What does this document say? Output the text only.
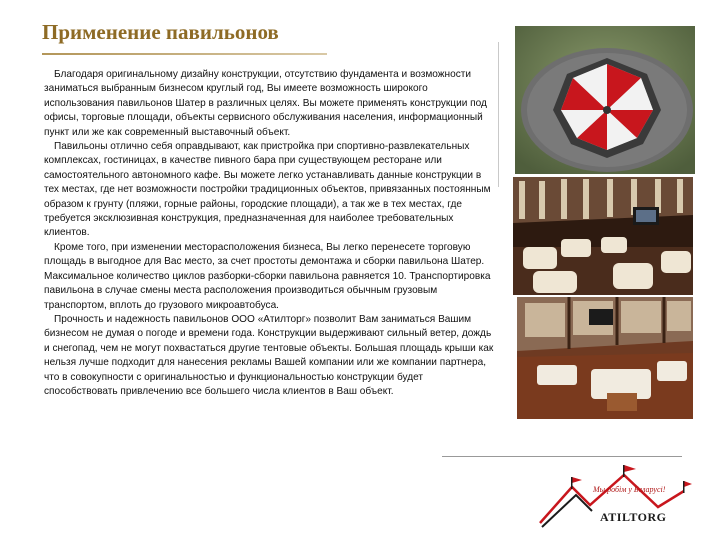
Применение павильонов

Благодаря оригинальному дизайну конструкции, отсутствию фундамента и возможности заниматься выбранным бизнесом круглый год, Вы имеете возможность широкого использования павильонов Шатер в различных целях. Вы можете применять конструкции под офисы, торговые площади, объекты сервисного обслуживания населения, информационный пункт или же как современный выставочный объект.

Павильоны отлично себя оправдывают, как пристройка при спортивно-развлекательных комплексах, гостиницах, в качестве пивного бара при существующем ресторане или самостоятельного автономного кафе. Вы можете легко устанавливать данные конструкции в тех местах, где нет возможности постройки традиционных объектов, привязанных постоянным образом к грунту (пляжи, горные районы, городские площади), а так же в тех местах, где требуется эксклюзивная конструкция, предназначенная для наиболее требовательных клиентов.

Кроме того, при изменении месторасположения бизнеса, Вы легко перенесете торговую площадь в выгодное для Вас место, за счет простоты демонтажа и сборки павильона Шатер. Максимальное количество циклов разборки-сборки павильона равняется 10. Транспортировка павильона в случае смены места расположения производиться обычным грузовым транспортом, вплоть до грузового микроавтобуса.

Прочность и надежность павильонов ООО «Атилторг» позволит Вам заниматься Вашим бизнесом не думая о погоде и времени года. Конструкции выдерживают сильный ветер, дождь и снегопад, чем не могут похвастаться другие тентовые объекты. Большая площадь крыши как нельзя лучше подходит для нанесения рекламы Вашей компании или же компании партнера, что в совокупности с оригинальностью и функциональностью конструкции будет способствовать привлечению все большего числа клиентов в Ваш объект.

Мы робім у Беларусі!
ATILTORG
